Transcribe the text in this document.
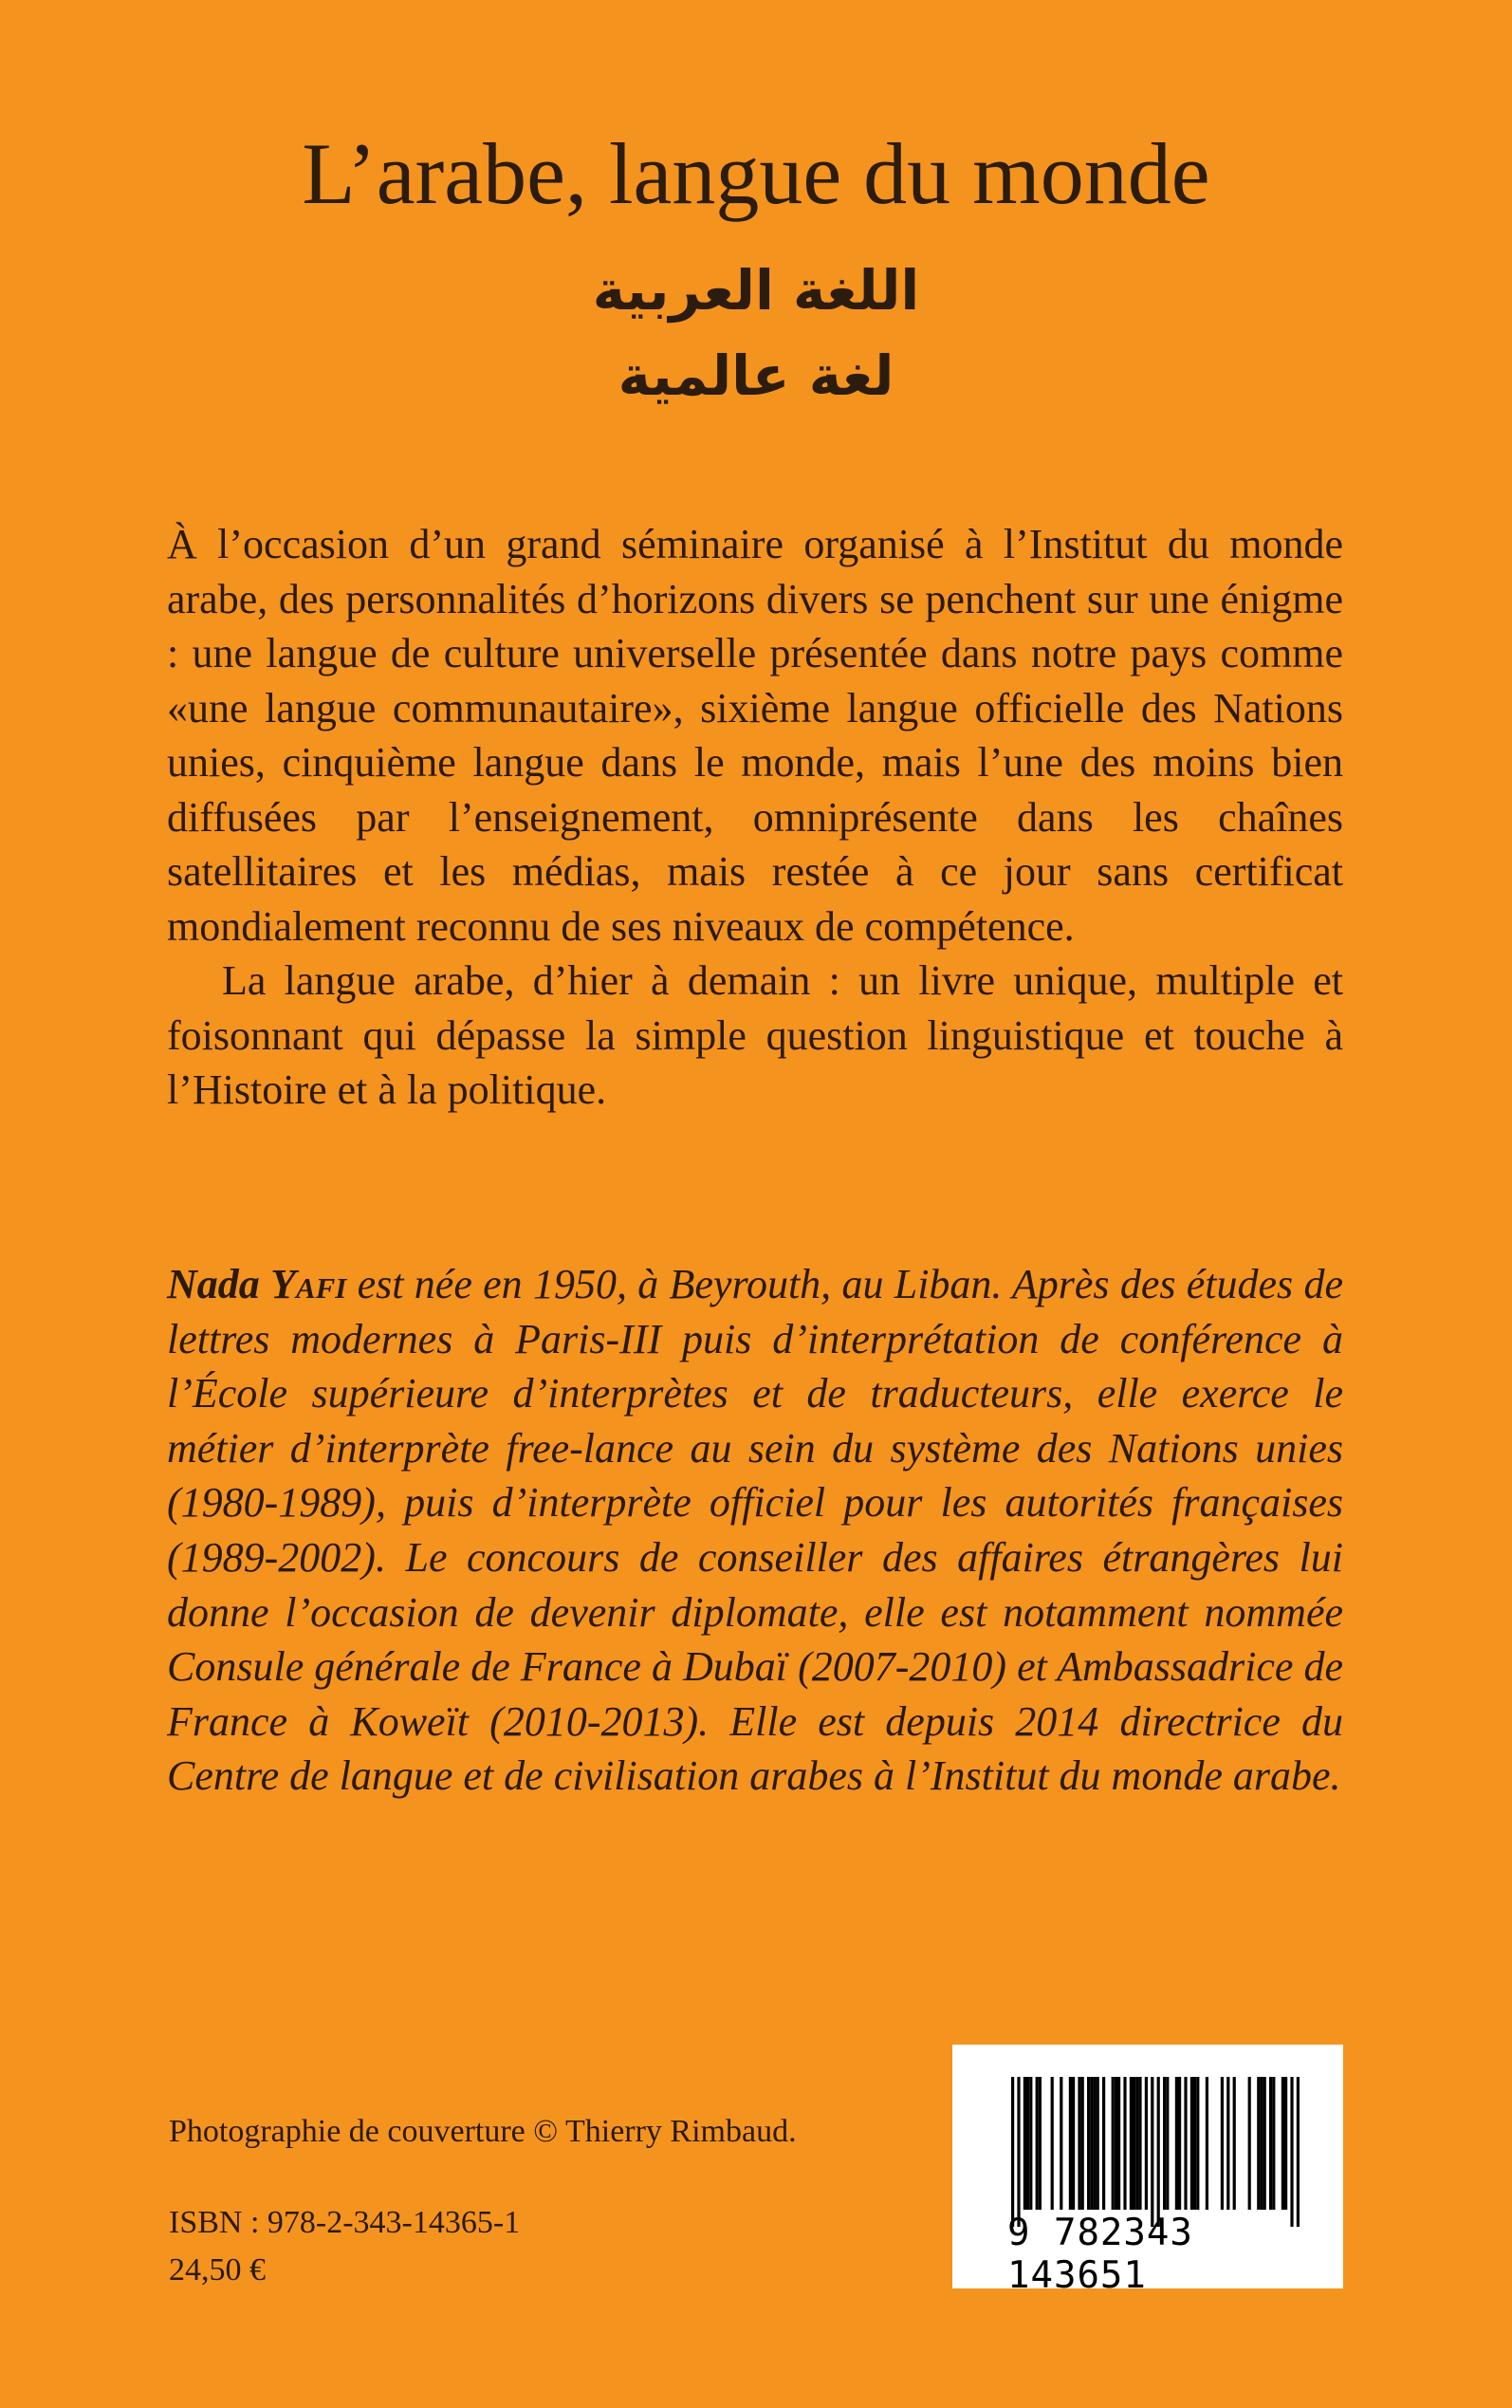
L’arabe, langue du monde
اللغة العربية
لغة عالمية

À l’occasion d’un grand séminaire organisé à l’Institut du monde arabe, des personnalités d’horizons divers se penchent sur une énigme : une langue de culture universelle présentée dans notre pays comme «une langue communautaire», sixième langue officielle des Nations unies, cinquième langue dans le monde, mais l’une des moins bien diffusées par l’enseignement, omniprésente dans les chaînes satellitaires et les médias, mais restée à ce jour sans certificat mondialement reconnu de ses niveaux de compétence.

La langue arabe, d’hier à demain : un livre unique, multiple et foisonnant qui dépasse la simple question linguistique et touche à l’Histoire et à la politique.

Nada Yafi est née en 1950, à Beyrouth, au Liban. Après des études de lettres modernes à Paris-III puis d’interprétation de conférence à l’École supérieure d’interprètes et de traducteurs, elle exerce le métier d’interprète free-lance au sein du système des Nations unies (1980-1989), puis d’interprète officiel pour les autorités françaises (1989-2002). Le concours de conseiller des affaires étrangères lui donne l’occasion de devenir diplomate, elle est notamment nommée Consule générale de France à Dubaï (2007-2010) et Ambassadrice de France à Koweït (2010-2013). Elle est depuis 2014 directrice du Centre de langue et de civilisation arabes à l’Institut du monde arabe.

Photographie de couverture © Thierry Rimbaud.
ISBN : 978-2-343-14365-1
24,50 €
9 782343 143651
